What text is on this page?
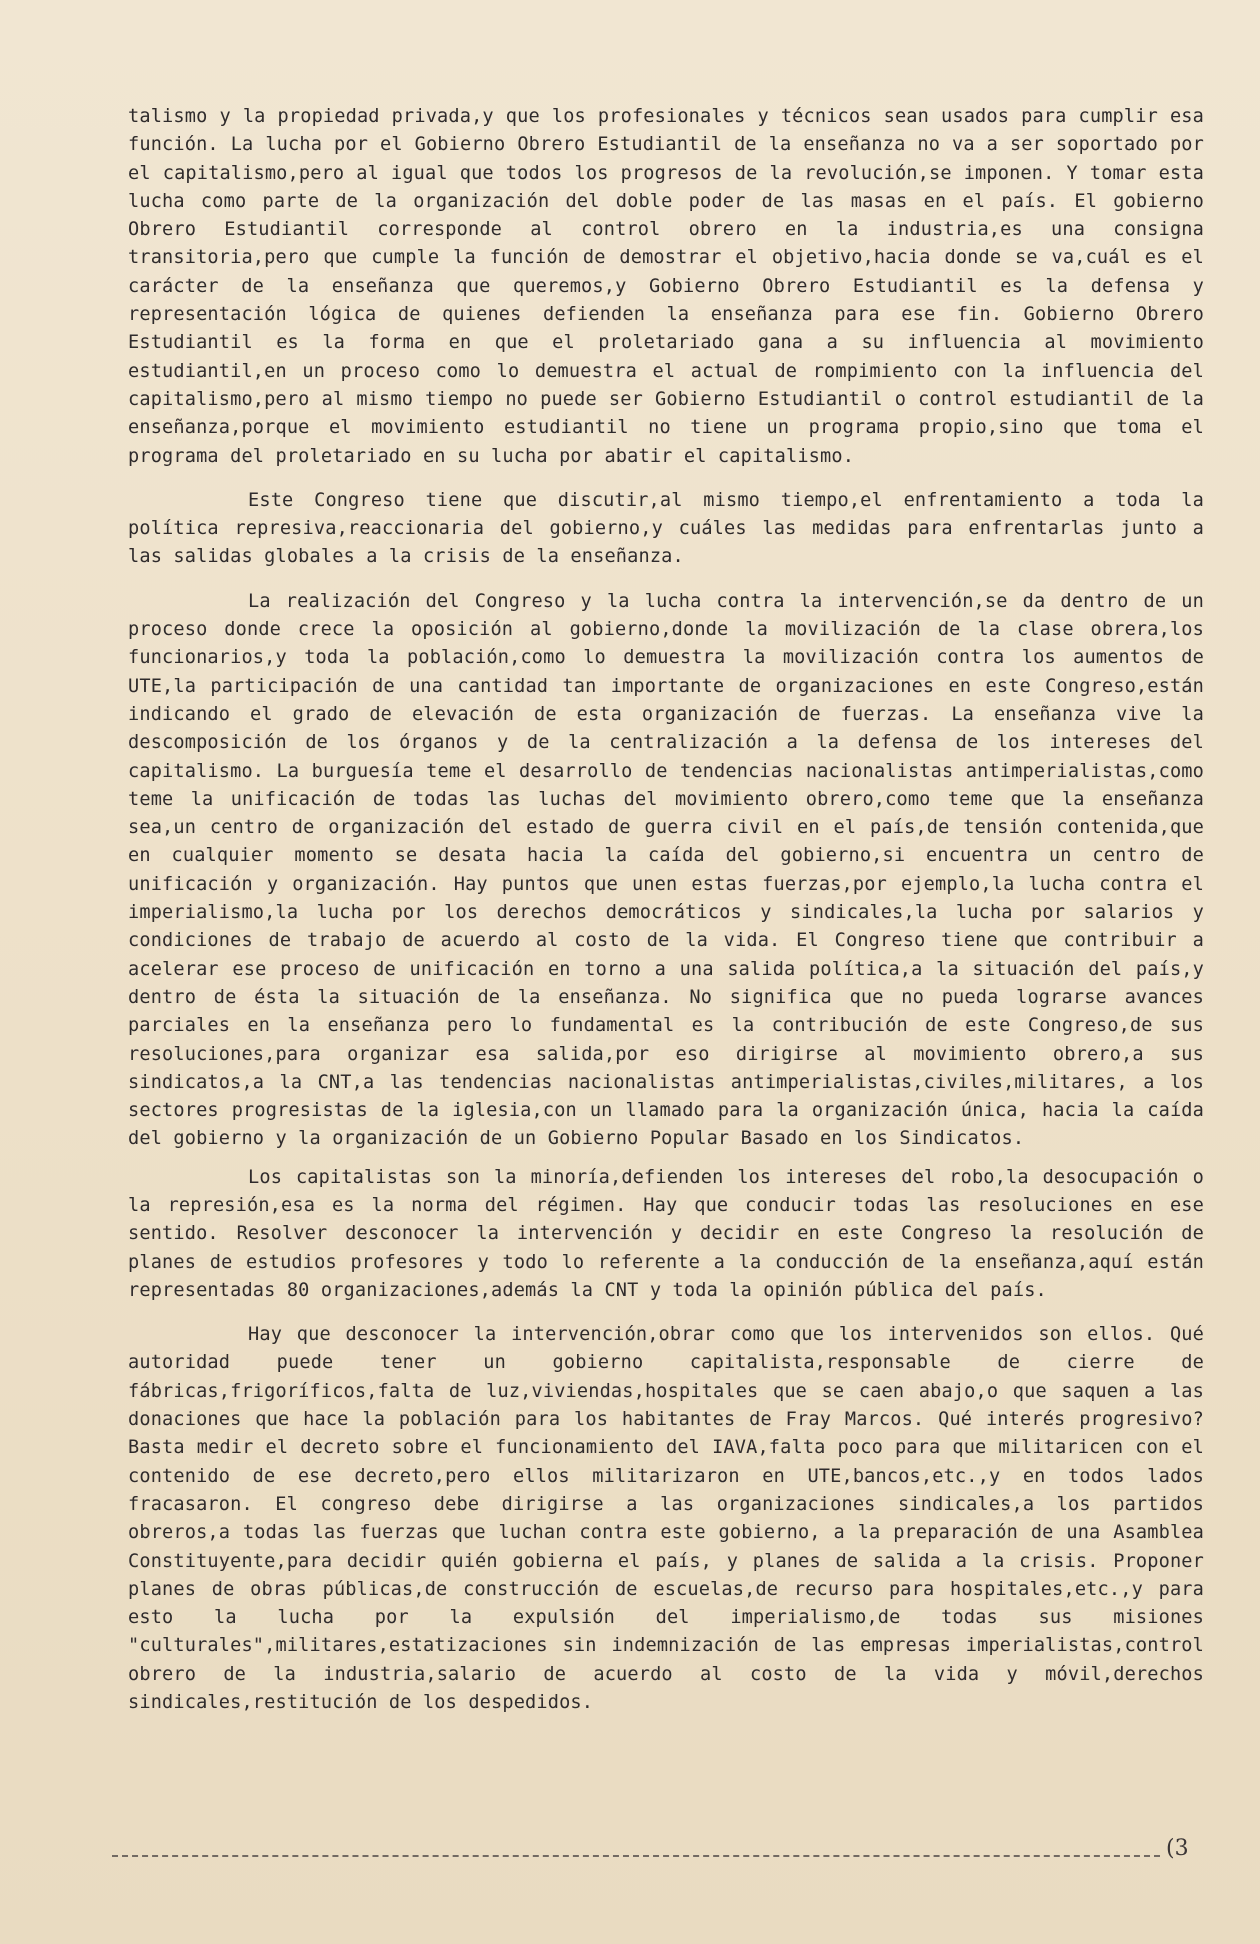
talismo y la propiedad privada,y que los profesionales y técnicos sean usados para cumplir esa función. La lucha por el Gobierno Obrero Estudiantil de la enseñanza no va a ser soportado por el capitalismo,pero al igual que todos los progresos de la revolución,se imponen. Y tomar esta lucha como parte de la organización del doble poder de las masas en el país. El gobierno Obrero Estudiantil corresponde al control obrero en la industria,es una consigna transitoria,pero que cumple la función de demostrar el objetivo,hacia donde se va,cuál es el carácter de la enseñanza que queremos,y Gobierno Obrero Estudiantil es la defensa y representación lógica de quienes defienden la enseñanza para ese fin. Gobierno Obrero Estudiantil es la forma en que el proletariado gana a su influencia al movimiento estudiantil,en un proceso como lo demuestra el actual de rompimiento con la influencia del capitalismo,pero al mismo tiempo no puede ser Gobierno Estudiantil o control estudiantil de la enseñanza,porque el movimiento estudiantil no tiene un programa propio,sino que toma el programa del proletariado en su lucha por abatir el capitalismo.

Este Congreso tiene que discutir,al mismo tiempo,el enfrentamiento a toda la política represiva,reaccionaria del gobierno,y cuáles las medidas para enfrentarlas junto a las salidas globales a la crisis de la enseñanza.

La realización del Congreso y la lucha contra la intervención,se da dentro de un proceso donde crece la oposición al gobierno,donde la movilización de la clase obrera,los funcionarios,y toda la población,como lo demuestra la movilización contra los aumentos de UTE,la participación de una cantidad tan importante de organizaciones en este Congreso,están indicando el grado de elevación de esta organización de fuerzas. La enseñanza vive la descomposición de los órganos y de la centralización a la defensa de los intereses del capitalismo. La burguesía teme el desarrollo de tendencias nacionalistas antimperialistas,como teme la unificación de todas las luchas del movimiento obrero,como teme que la enseñanza sea,un centro de organización del estado de guerra civil en el país,de tensión contenida,que en cualquier momento se desata hacia la caída del gobierno,si encuentra un centro de unificación y organización. Hay puntos que unen estas fuerzas,por ejemplo,la lucha contra el imperialismo,la lucha por los derechos democráticos y sindicales,la lucha por salarios y condiciones de trabajo de acuerdo al costo de la vida. El Congreso tiene que contribuir a acelerar ese proceso de unificación en torno a una salida política,a la situación del país,y dentro de ésta la situación de la enseñanza. No significa que no pueda lograrse avances parciales en la enseñanza pero lo fundamental es la contribución de este Congreso,de sus resoluciones,para organizar esa salida,por eso dirigirse al movimiento obrero,a sus sindicatos,a la CNT,a las tendencias nacionalistas antimperialistas,civiles,militares, a los sectores progresistas de la iglesia,con un llamado para la organización única, hacia la caída del gobierno y la organización de un Gobierno Popular Basado en los Sindicatos.

Los capitalistas son la minoría,defienden los intereses del robo,la desocupación o la represión,esa es la norma del régimen. Hay que conducir todas las resoluciones en ese sentido. Resolver desconocer la intervención y decidir en este Congreso la resolución de planes de estudios profesores y todo lo referente a la conducción de la enseñanza,aquí están representadas 80 organizaciones,además la CNT y toda la opinión pública del país.

Hay que desconocer la intervención,obrar como que los intervenidos son ellos. Qué autoridad puede tener un gobierno capitalista,responsable de cierre de fábricas,frigoríficos,falta de luz,viviendas,hospitales que se caen abajo,o que saquen a las donaciones que hace la población para los habitantes de Fray Marcos. Qué interés progresivo? Basta medir el decreto sobre el funcionamiento del IAVA,falta poco para que militaricen con el contenido de ese decreto,pero ellos militarizaron en UTE,bancos,etc.,y en todos lados fracasaron. El congreso debe dirigirse a las organizaciones sindicales,a los partidos obreros,a todas las fuerzas que luchan contra este gobierno, a la preparación de una Asamblea Constituyente,para decidir quién gobierna el país, y planes de salida a la crisis. Proponer planes de obras públicas,de construcción de escuelas,de recurso para hospitales,etc.,y para esto la lucha por la expulsión del imperialismo,de todas sus misiones "culturales",militares,estatizaciones sin indemnización de las empresas imperialistas,control obrero de la industria,salario de acuerdo al costo de la vida y móvil,derechos sindicales,restitución de los despedidos.

(3
